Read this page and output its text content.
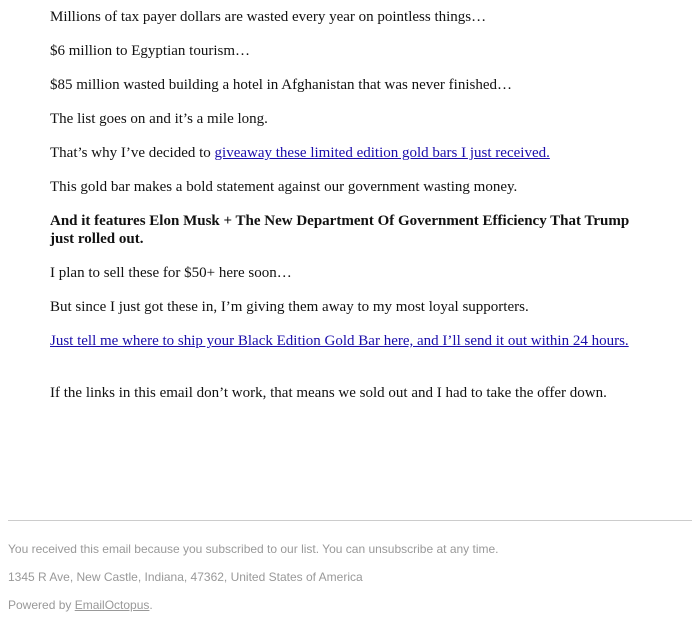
Millions of tax payer dollars are wasted every year on pointless things…

$6 million to Egyptian tourism…

$85 million wasted building a hotel in Afghanistan that was never finished…

The list goes on and it’s a mile long.

That’s why I’ve decided to giveaway these limited edition gold bars I just received.

This gold bar makes a bold statement against our government wasting money.

And it features Elon Musk + The New Department Of Government Efficiency That Trump just rolled out.

I plan to sell these for $50+ here soon…

But since I just got these in, I’m giving them away to my most loyal supporters.

Just tell me where to ship your Black Edition Gold Bar here, and I’ll send it out within 24 hours.

If the links in this email don’t work, that means we sold out and I had to take the offer down.

You received this email because you subscribed to our list. You can unsubscribe at any time.

1345 R Ave, New Castle, Indiana, 47362, United States of America

Powered by EmailOctopus.
